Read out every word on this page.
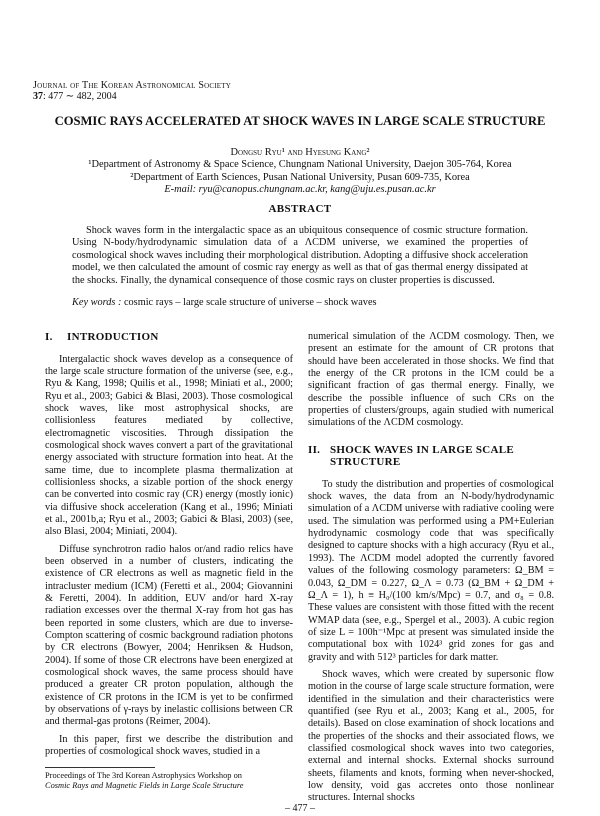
Journal of The Korean Astronomical Society
37: 477 ∼ 482, 2004
COSMIC RAYS ACCELERATED AT SHOCK WAVES IN LARGE SCALE STRUCTURE
Dongsu Ryu¹ and Hyesung Kang²
¹Department of Astronomy & Space Science, Chungnam National University, Daejon 305-764, Korea
²Department of Earth Sciences, Pusan National University, Pusan 609-735, Korea
E-mail: ryu@canopus.chungnam.ac.kr, kang@uju.es.pusan.ac.kr
ABSTRACT
Shock waves form in the intergalactic space as an ubiquitous consequence of cosmic structure formation. Using N-body/hydrodynamic simulation data of a ΛCDM universe, we examined the properties of cosmological shock waves including their morphological distribution. Adopting a diffusive shock acceleration model, we then calculated the amount of cosmic ray energy as well as that of gas thermal energy dissipated at the shocks. Finally, the dynamical consequence of those cosmic rays on cluster properties is discussed.
Key words : cosmic rays – large scale structure of universe – shock waves
I. INTRODUCTION

Intergalactic shock waves develop as a consequence of the large scale structure formation of the universe (see, e.g., Ryu & Kang, 1998; Quilis et al., 1998; Miniati et al., 2000; Ryu et al., 2003; Gabici & Blasi, 2003). Those cosmological shock waves, like most astrophysical shocks, are collisionless features mediated by collective, electromagnetic viscosities. Through dissipation the cosmological shock waves convert a part of the gravitational energy associated with structure formation into heat. At the same time, due to incomplete plasma thermalization at collisionless shocks, a sizable portion of the shock energy can be converted into cosmic ray (CR) energy (mostly ionic) via diffusive shock acceleration (Kang et al., 1996; Miniati et al., 2001b,a; Ryu et al., 2003; Gabici & Blasi, 2003) (see, also Blasi, 2004; Miniati, 2004).

Diffuse synchrotron radio halos or/and radio relics have been observed in a number of clusters, indicating the existence of CR electrons as well as magnetic field in the intracluster medium (ICM) (Feretti et al., 2004; Giovannini & Feretti, 2004). In addition, EUV and/or hard X-ray radiation excesses over the thermal X-ray from hot gas has been reported in some clusters, which are due to inverse-Compton scattering of cosmic background radiation photons by CR electrons (Bowyer, 2004; Henriksen & Hudson, 2004). If some of those CR electrons have been energized at cosmological shock waves, the same process should have produced a greater CR proton population, although the existence of CR protons in the ICM is yet to be confirmed by observations of γ-rays by inelastic collisions between CR and thermal-gas protons (Reimer, 2004).

In this paper, first we describe the distribution and properties of cosmological shock waves, studied in a

numerical simulation of the ΛCDM cosmology. Then, we present an estimate for the amount of CR protons that should have been accelerated in those shocks. We find that the energy of the CR protons in the ICM could be a significant fraction of gas thermal energy. Finally, we describe the possible influence of such CRs on the properties of clusters/groups, again studied with numerical simulations of the ΛCDM cosmology.

II. SHOCK WAVES IN LARGE SCALE
STRUCTURE

To study the distribution and properties of cosmological shock waves, the data from an N-body/hydrodynamic simulation of a ΛCDM universe with radiative cooling were used. The simulation was performed using a PM+Eulerian hydrodynamic cosmology code that was specifically designed to capture shocks with a high accuracy (Ryu et al., 1993). The ΛCDM model adopted the currently favored values of the following cosmology parameters: Ω_BM = 0.043, Ω_DM = 0.227, Ω_Λ = 0.73 (Ω_BM + Ω_DM + Ω_Λ = 1), h ≡ H₀/(100 km/s/Mpc) = 0.7, and σ₈ = 0.8. These values are consistent with those fitted with the recent WMAP data (see, e.g., Spergel et al., 2003). A cubic region of size L = 100h⁻¹Mpc at present was simulated inside the computational box with 1024³ grid zones for gas and gravity and with 512³ particles for dark matter.

Shock waves, which were created by supersonic flow motion in the course of large scale structure formation, were identified in the simulation and their characteristics were quantified (see Ryu et al., 2003; Kang et al., 2005, for details). Based on close examination of shock locations and the properties of the shocks and their associated flows, we classified cosmological shock waves into two categories, external and internal shocks. External shocks surround sheets, filaments and knots, forming when never-shocked, low density, void gas accretes onto those nonlinear structures. Internal shocks

Proceedings of The 3rd Korean Astrophysics Workshop on
Cosmic Rays and Magnetic Fields in Large Scale Structure
– 477 –
